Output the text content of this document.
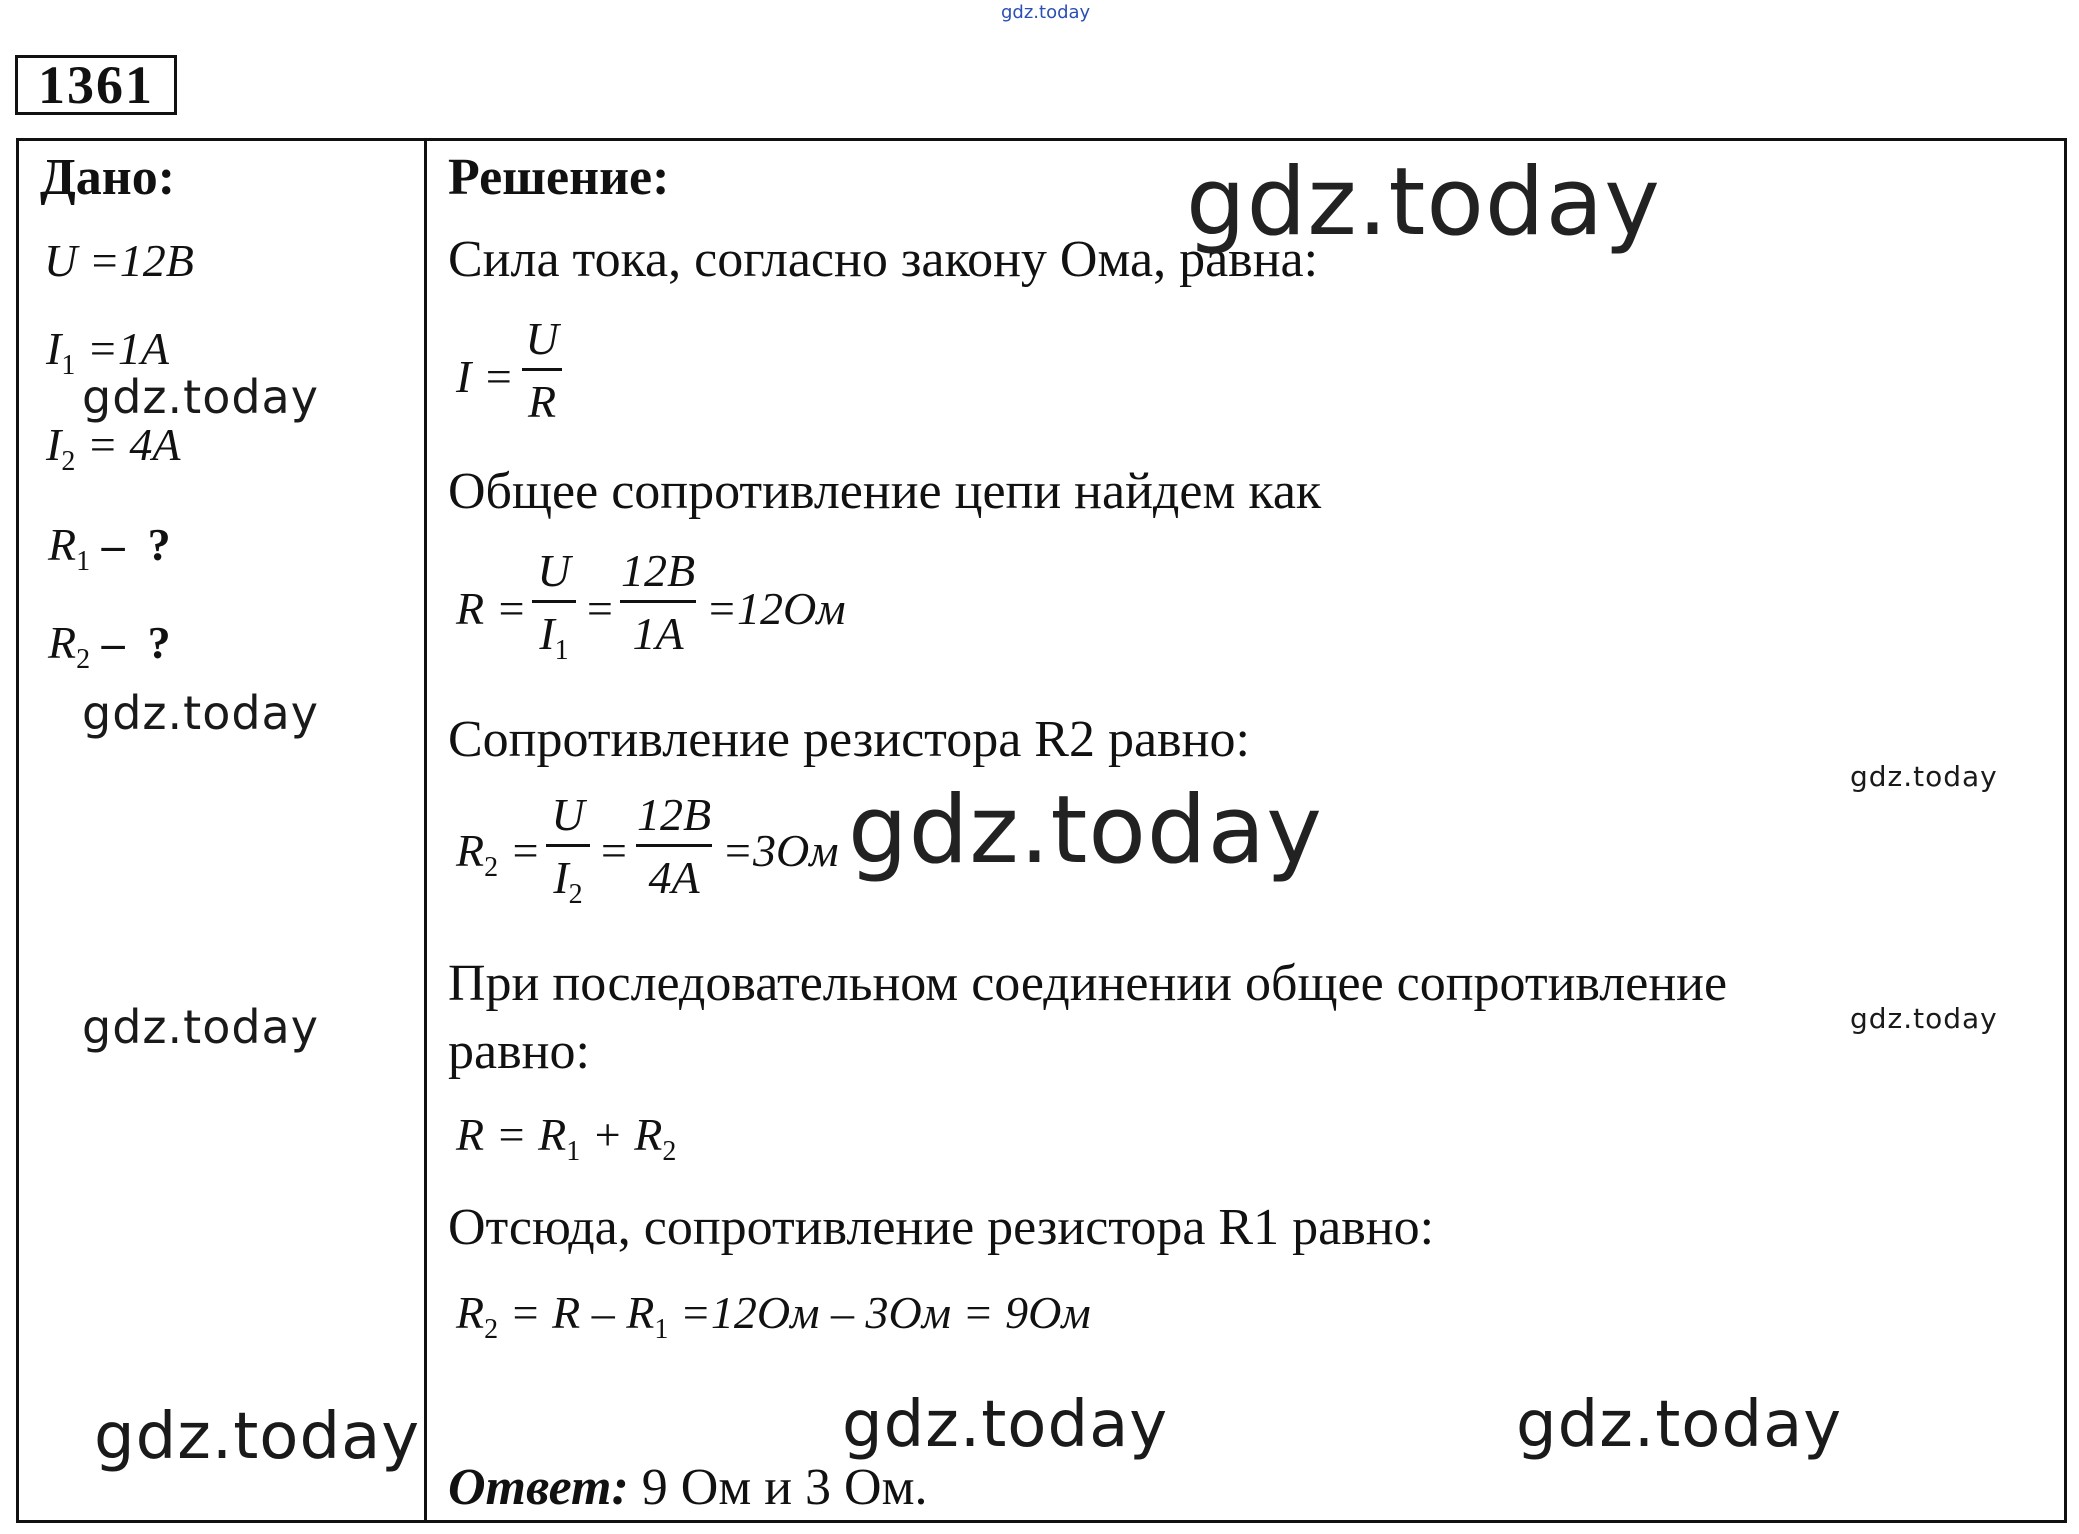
gdz.today
1361
Дано:
U =12B
$I_1 =1A$
$I_2 = 4A$
$R_1$ –  ?
$R_2$ –  ?
Решение:
Сила тока, согласно закону Ома, равна:
I =
U
R
Общее сопротивление цепи найдем как
R =
U
$I_1$
=
12B
1A =12Ом
Сопротивление резистора R2 равно:
$R_2$ =
U
$I_2$
=
12B
4A
=3Ом
При последовательном соединении общее сопротивление
равно:
$R = R_1 + R_2$
Отсюда, сопротивление резистора R1 равно:
$R_2 = R - R_1 =12Ом - 3Ом = 9Ом$
Ответ: 9 Ом и 3 Ом.
gdz.today
gdz.today
gdz.today
gdz.today
gdz.today
gdz.today	gdz.today	gdz.today
gdz.today
gdz.today
